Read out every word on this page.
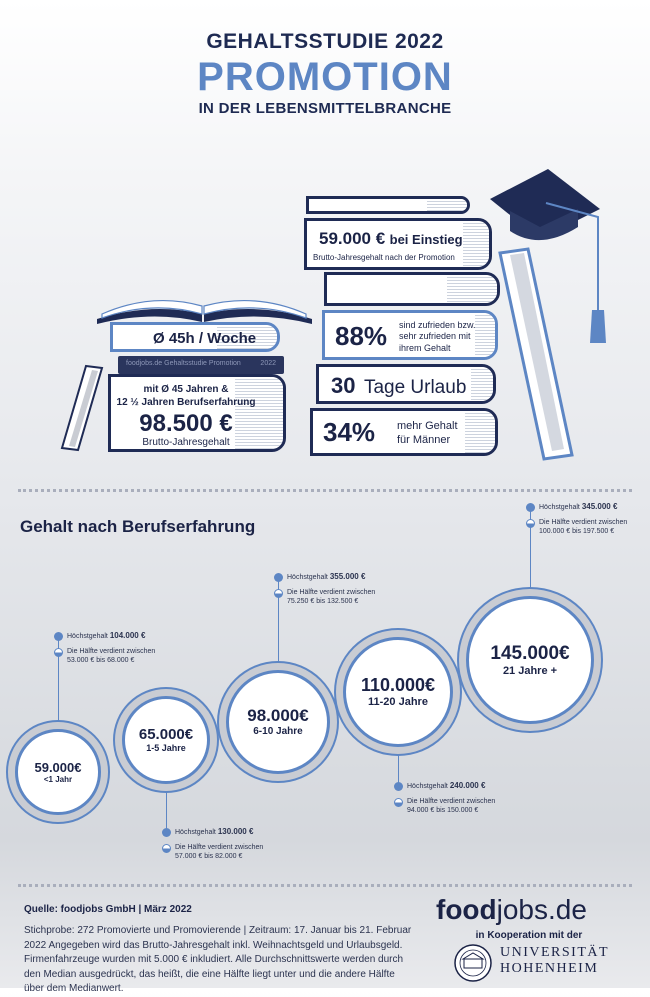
GEHALTSSTUDIE 2022
PROMOTION
IN DER LEBENSMITTELBRANCHE
Ø 45h / Woche
foodjobs.de Gehaltsstudie Promotion	2022
mit Ø 45 Jahren &
12 ½ Jahren Berufserfahrung
98.500 €
Brutto-Jahresgehalt
59.000 € bei Einstieg
Brutto-Jahresgehalt nach der Promotion
88% sind zufrieden bzw.
sehr zufrieden mit
ihrem Gehalt
30 Tage Urlaub
34% mehr Gehalt
für Männer
Gehalt nach Berufserfahrung
59.000€
<1 Jahr
Höchstgehalt 104.000 €
Die Hälfte verdient zwischen
53.000 € bis 68.000 €
65.000€
1-5 Jahre
Höchstgehalt 130.000 €
Die Hälfte verdient zwischen
57.000 € bis 82.000 €
98.000€
6-10 Jahre
Höchstgehalt 355.000 €
Die Hälfte verdient zwischen
75.250 € bis 132.500 €
110.000€
11-20 Jahre
Höchstgehalt 240.000 €
Die Hälfte verdient zwischen
94.000 € bis 150.000 €
145.000€
21 Jahre +
Höchstgehalt 345.000 €
Die Hälfte verdient zwischen
100.000 € bis 197.500 €
Quelle: foodjobs GmbH | März 2022
Stichprobe: 272 Promovierte und Promovierende | Zeitraum: 17. Januar bis 21. Februar 2022 Angegeben wird das Brutto-Jahresgehalt inkl. Weihnachtsgeld und Urlaubsgeld. Firmenfahrzeuge wurden mit 5.000 € inkludiert. Alle Durchschnittswerte werden durch den Median ausgedrückt, das heißt, die eine Hälfte liegt unter und die andere Hälfte über dem Medianwert.
foodjobs.de
in Kooperation mit der
UNIVERSITÄT
HOHENHEIM
